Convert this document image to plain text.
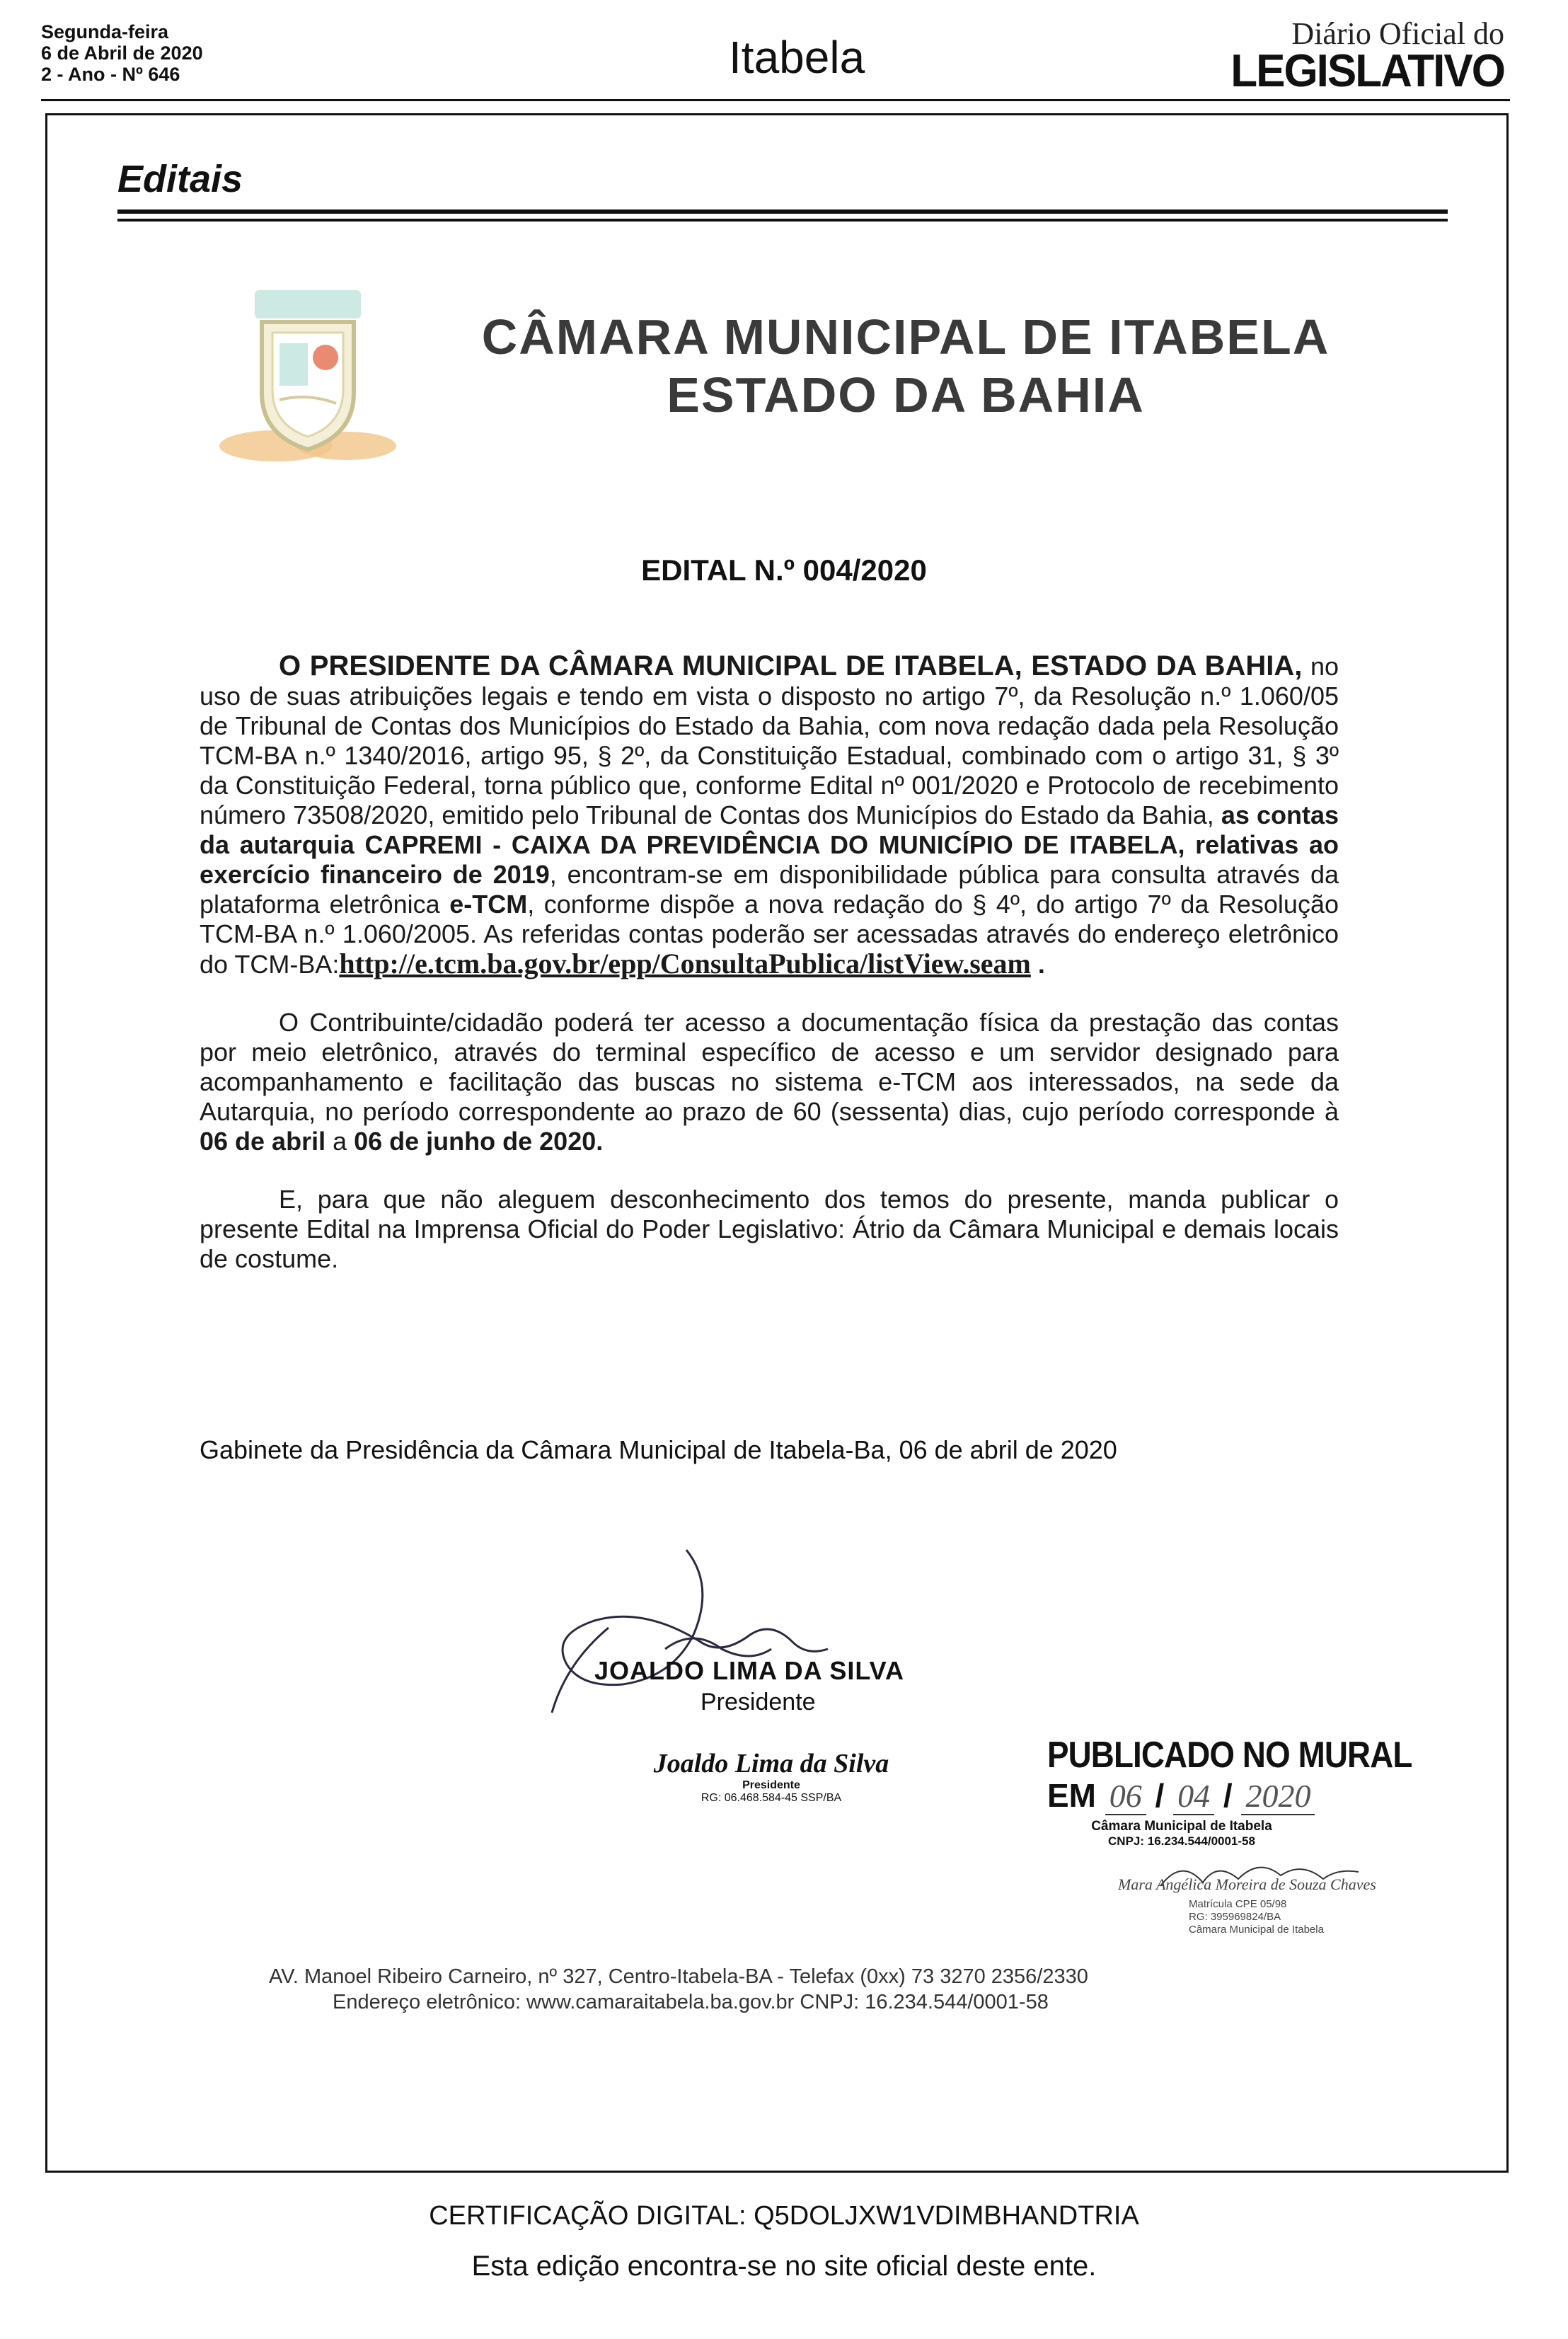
Segunda-feira
6 de Abril de 2020
2 - Ano - Nº 646	Itabela	Diário Oficial do
LEGISLATIVO
Editais
CÂMARA MUNICIPAL DE ITABELA
ESTADO DA BAHIA
EDITAL N.º 004/2020

O PRESIDENTE DA CÂMARA MUNICIPAL DE ITABELA, ESTADO DA BAHIA, no uso de suas atribuições legais e tendo em vista o disposto no artigo 7º, da Resolução n.º 1.060/05 de Tribunal de Contas dos Municípios do Estado da Bahia, com nova redação dada pela Resolução TCM-BA n.º 1340/2016, artigo 95, § 2º, da Constituição Estadual, combinado com o artigo 31, § 3º da Constituição Federal, torna público que, conforme Edital nº 001/2020 e Protocolo de recebimento número 73508/2020, emitido pelo Tribunal de Contas dos Municípios do Estado da Bahia, as contas da autarquia CAPREMI - CAIXA DA PREVIDÊNCIA DO MUNICÍPIO DE ITABELA, relativas ao exercício financeiro de 2019, encontram-se em disponibilidade pública para consulta através da plataforma eletrônica e-TCM, conforme dispõe a nova redação do § 4º, do artigo 7º da Resolução TCM-BA n.º 1.060/2005. As referidas contas poderão ser acessadas através do endereço eletrônico do TCM-BA:http://e.tcm.ba.gov.br/epp/ConsultaPublica/listView.seam .

O Contribuinte/cidadão poderá ter acesso a documentação física da prestação das contas por meio eletrônico, através do terminal específico de acesso e um servidor designado para acompanhamento e facilitação das buscas no sistema e-TCM aos interessados, na sede da Autarquia, no período correspondente ao prazo de 60 (sessenta) dias, cujo período corresponde à 06 de abril a 06 de junho de 2020.

E, para que não aleguem desconhecimento dos temos do presente, manda publicar o presente Edital na Imprensa Oficial do Poder Legislativo: Átrio da Câmara Municipal e demais locais de costume.

Gabinete da Presidência da Câmara Municipal de Itabela-Ba, 06 de abril de 2020
JOALDO LIMA DA SILVA
Presidente
Joaldo Lima da Silva
Presidente
RG: 06.468.584-45 SSP/BA
PUBLICADO NO MURAL
EM 06 / 04 / 2020
Câmara Municipal de Itabela
CNPJ: 16.234.544/0001-58
Mara Angélica Moreira de Souza Chaves
Matrícula CPE 05/98
RG: 395969824/BA
Câmara Municipal de Itabela
AV. Manoel Ribeiro Carneiro, nº 327, Centro-Itabela-BA - Telefax (0xx) 73 3270 2356/2330
Endereço eletrônico: www.camaraitabela.ba.gov.br CNPJ: 16.234.544/0001-58
CERTIFICAÇÃO DIGITAL: Q5DOLJXW1VDIMBHANDTRIA
Esta edição encontra-se no site oficial deste ente.
